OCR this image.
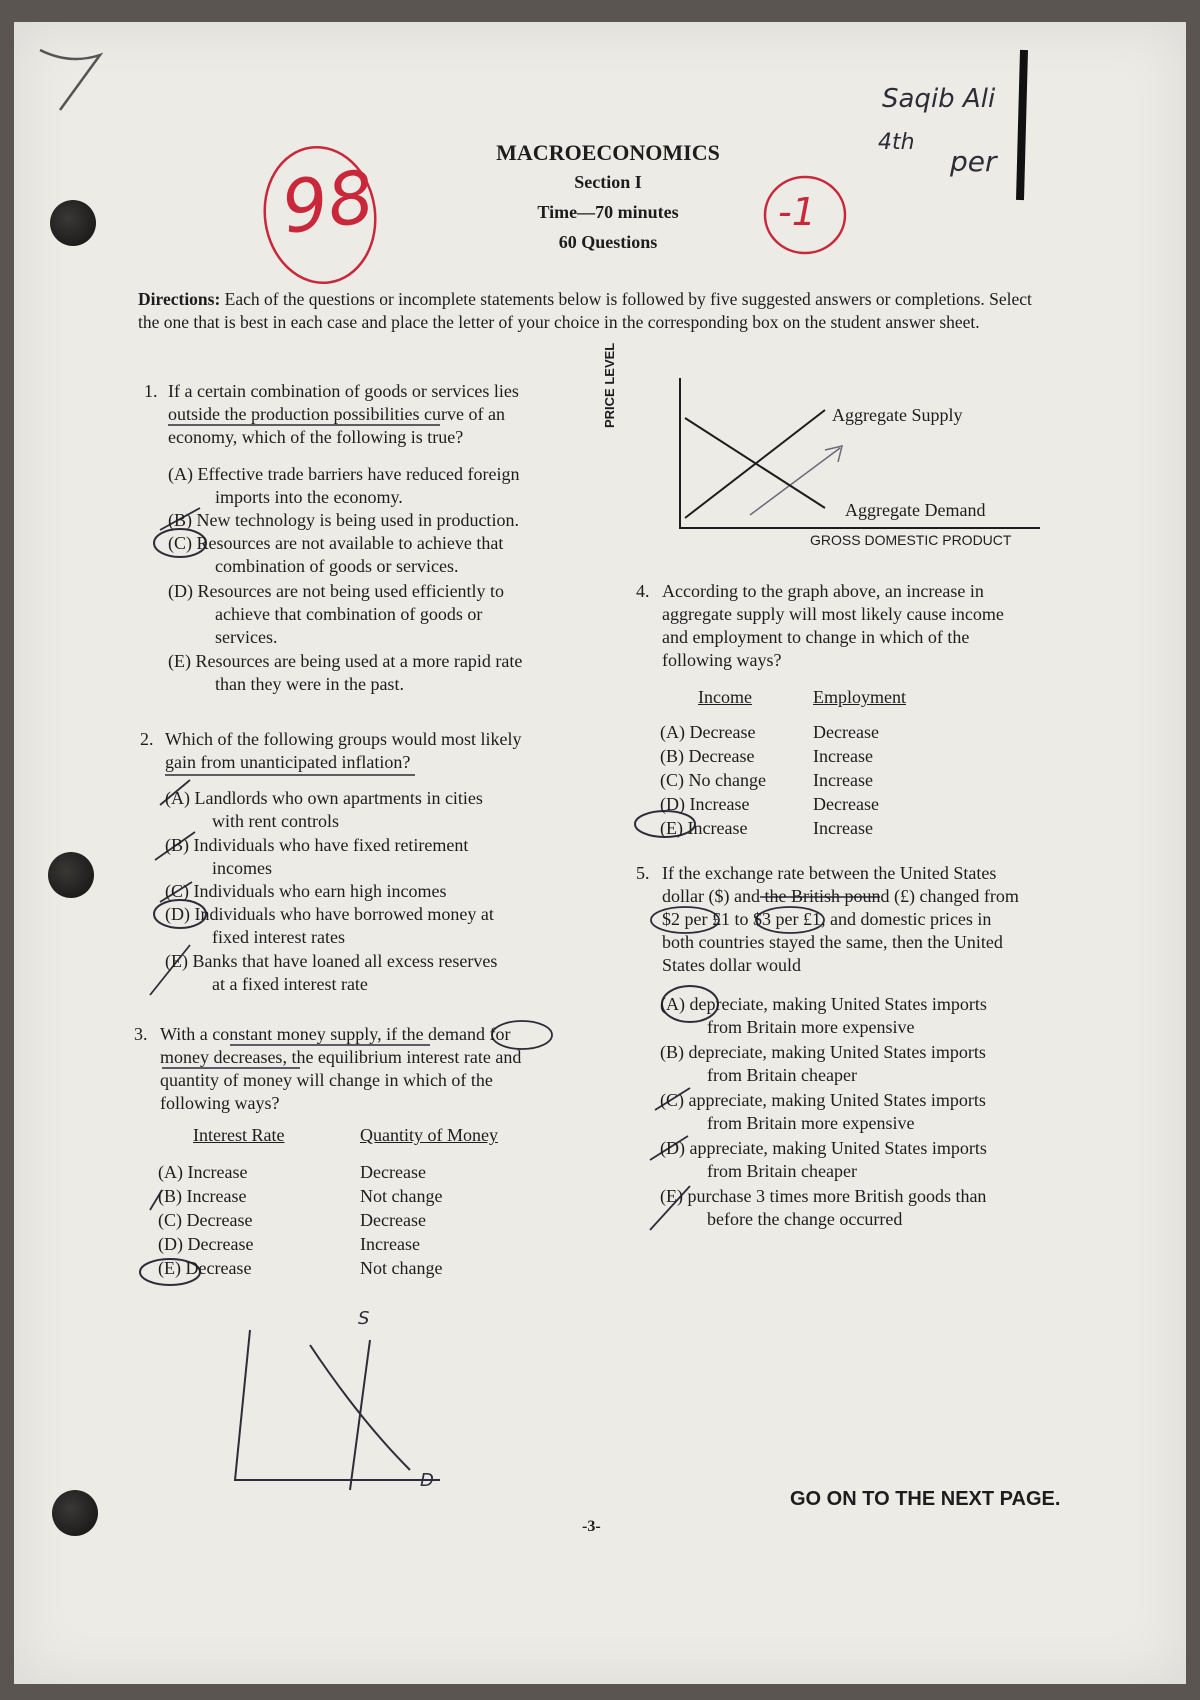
98	-1
Saqib Ali
4th
per
S
D
MACROECONOMICS
Section I
Time—70 minutes
60 Questions
Directions: Each of the questions or incomplete statements below is followed by five suggested answers or completions. Select the one that is best in each case and place the letter of your choice in the corresponding box on the student answer sheet.
1. If a certain combination of goods or services lies
outside the production possibilities curve of an
economy, which of the following is true?
(A) Effective trade barriers have reduced foreign
imports into the economy.
(B) New technology is being used in production.
(C) Resources are not available to achieve that
combination of goods or services.
(D) Resources are not being used efficiently to
achieve that combination of goods or
services.
(E) Resources are being used at a more rapid rate
than they were in the past.
2. Which of the following groups would most likely
gain from unanticipated inflation?
(A) Landlords who own apartments in cities
with rent controls
(B) Individuals who have fixed retirement
incomes
(C) Individuals who earn high incomes
(D) Individuals who have borrowed money at
fixed interest rates
(E) Banks that have loaned all excess reserves
at a fixed interest rate
3. With a constant money supply, if the demand for
money decreases, the equilibrium interest rate and
quantity of money will change in which of the
following ways?
Interest Rate	Quantity of Money
(A) Increase	Decrease
(B) Increase	Not change
(C) Decrease	Decrease
(D) Decrease	Increase
(E) Decrease	Not change
PRICE LEVEL
GROSS DOMESTIC PRODUCT
Aggregate Supply
Aggregate Demand
4. According to the graph above, an increase in
aggregate supply will most likely cause income
and employment to change in which of the
following ways?
Income	Employment
(A) Decrease	Decrease
(B) Decrease	Increase
(C) No change	Increase
(D) Increase	Decrease
(E) Increase	Increase
5. If the exchange rate between the United States
dollar ($) and the British pound (£) changed from
$2 per £1 to $3 per £1, and domestic prices in
both countries stayed the same, then the United
States dollar would
(A) depreciate, making United States imports
from Britain more expensive
(B) depreciate, making United States imports
from Britain cheaper
(C) appreciate, making United States imports
from Britain more expensive
(D) appreciate, making United States imports
from Britain cheaper
(E) purchase 3 times more British goods than
before the change occurred
GO ON TO THE NEXT PAGE.
-3-
